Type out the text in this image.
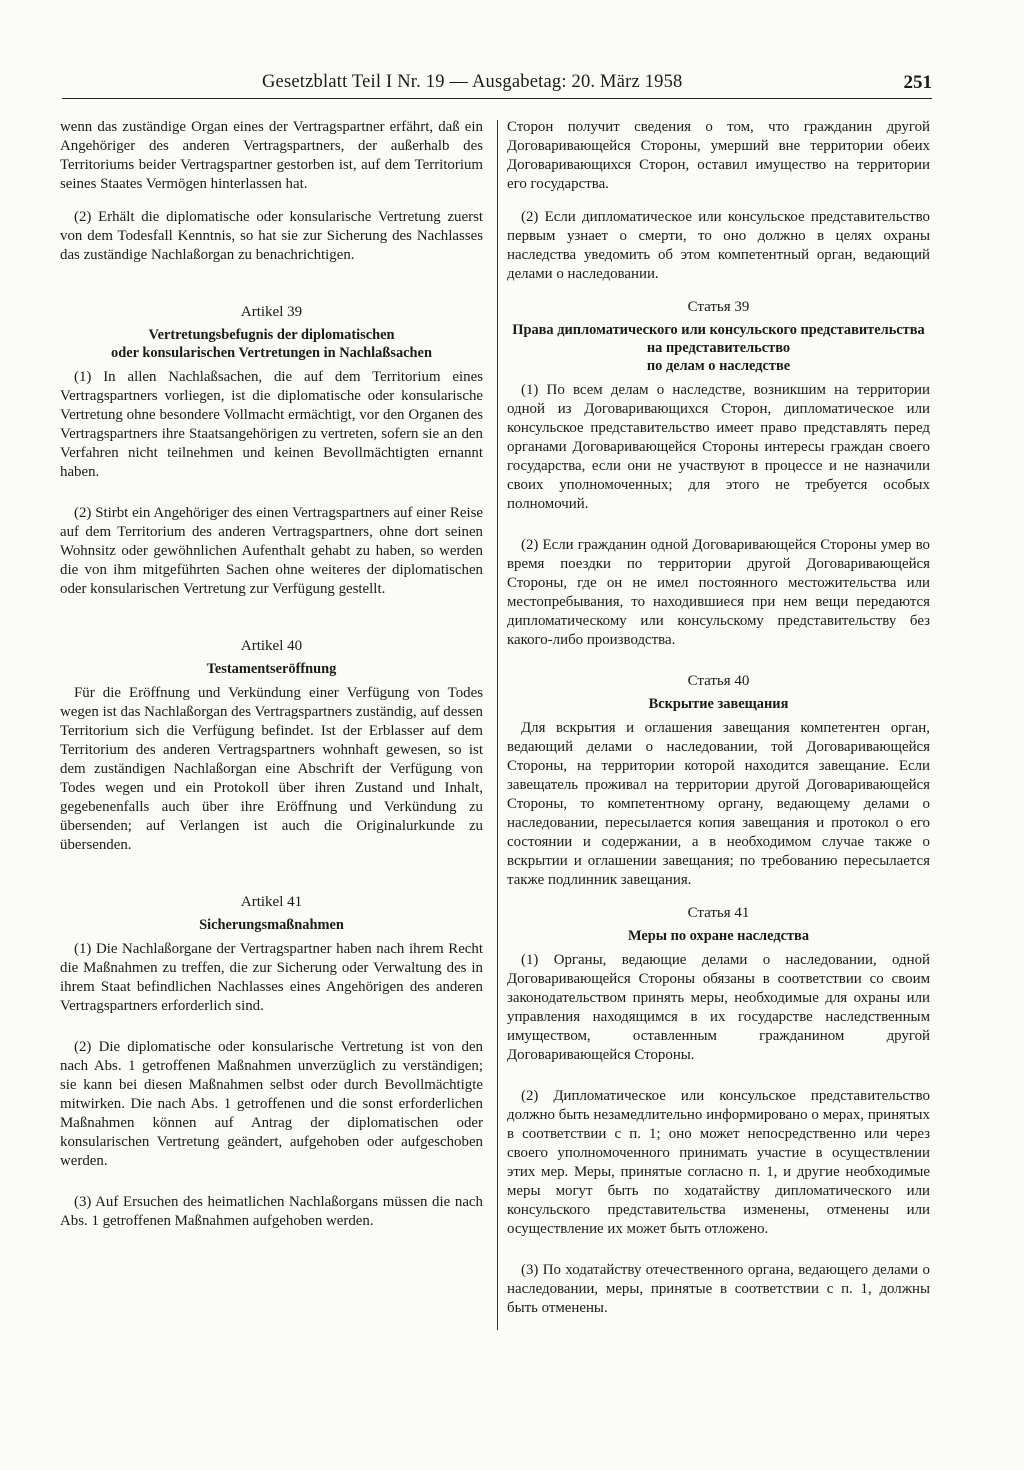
Gesetzblatt Teil I Nr. 19 — Ausgabetag: 20. März 1958	251

wenn das zuständige Organ eines der Vertragspartner erfährt, daß ein Angehöriger des anderen Vertragspartners, der außerhalb des Territoriums beider Vertragspartner gestorben ist, auf dem Territorium seines Staates Vermögen hinterlassen hat.

(2) Erhält die diplomatische oder konsularische Vertretung zuerst von dem Todesfall Kenntnis, so hat sie zur Sicherung des Nachlasses das zuständige Nachlaßorgan zu benachrichtigen.

Artikel 39

Vertretungsbefugnis der diplomatischen
oder konsularischen Vertretungen in Nachlaßsachen

(1) In allen Nachlaßsachen, die auf dem Territorium eines Vertragspartners vorliegen, ist die diplomatische oder konsularische Vertretung ohne besondere Vollmacht ermächtigt, vor den Organen des Vertragspartners ihre Staatsangehörigen zu vertreten, sofern sie an den Verfahren nicht teilnehmen und keinen Bevollmächtigten ernannt haben.

(2) Stirbt ein Angehöriger des einen Vertragspartners auf einer Reise auf dem Territorium des anderen Vertragspartners, ohne dort seinen Wohnsitz oder gewöhnlichen Aufenthalt gehabt zu haben, so werden die von ihm mitgeführten Sachen ohne weiteres der diplomatischen oder konsularischen Vertretung zur Verfügung gestellt.

Artikel 40

Testamentseröffnung

Für die Eröffnung und Verkündung einer Verfügung von Todes wegen ist das Nachlaßorgan des Vertragspartners zuständig, auf dessen Territorium sich die Verfügung befindet. Ist der Erblasser auf dem Territorium des anderen Vertragspartners wohnhaft gewesen, so ist dem zuständigen Nachlaßorgan eine Abschrift der Verfügung von Todes wegen und ein Protokoll über ihren Zustand und Inhalt, gegebenenfalls auch über ihre Eröffnung und Verkündung zu übersenden; auf Verlangen ist auch die Originalurkunde zu übersenden.

Artikel 41

Sicherungsmaßnahmen

(1) Die Nachlaßorgane der Vertragspartner haben nach ihrem Recht die Maßnahmen zu treffen, die zur Sicherung oder Verwaltung des in ihrem Staat befindlichen Nachlasses eines Angehörigen des anderen Vertragspartners erforderlich sind.

(2) Die diplomatische oder konsularische Vertretung ist von den nach Abs. 1 getroffenen Maßnahmen unverzüglich zu verständigen; sie kann bei diesen Maßnahmen selbst oder durch Bevollmächtigte mitwirken. Die nach Abs. 1 getroffenen und die sonst erforderlichen Maßnahmen können auf Antrag der diplomatischen oder konsularischen Vertretung geändert, aufgehoben oder aufgeschoben werden.

(3) Auf Ersuchen des heimatlichen Nachlaßorgans müssen die nach Abs. 1 getroffenen Maßnahmen aufgehoben werden.

Сторон получит сведения о том, что гражданин другой Договаривающейся Стороны, умерший вне территории обеих Договаривающихся Сторон, оставил имущество на территории его государства.

(2) Если дипломатическое или консульское представительство первым узнает о смерти, то оно должно в целях охраны наследства уведомить об этом компетентный орган, ведающий делами о наследовании.

Статья 39

Права дипломатического или консульского представительства на представительство
по делам о наследстве

(1) По всем делам о наследстве, возникшим на территории одной из Договаривающихся Сторон, дипломатическое или консульское представительство имеет право представлять перед органами Договаривающейся Стороны интересы граждан своего государства, если они не участвуют в процессе и не назначили своих уполномоченных; для этого не требуется особых полномочий.

(2) Если гражданин одной Договаривающейся Стороны умер во время поездки по территории другой Договаривающейся Стороны, где он не имел постоянного местожительства или местопребывания, то находившиеся при нем вещи передаются дипломатическому или консульскому представительству без какого-либо производства.

Статья 40

Вскрытие завещания

Для вскрытия и оглашения завещания компетентен орган, ведающий делами о наследовании, той Договаривающейся Стороны, на территории которой находится завещание. Если завещатель проживал на территории другой Договаривающейся Стороны, то компетентному органу, ведающему делами о наследовании, пересылается копия завещания и протокол о его состоянии и содержании, а в необходимом случае также о вскрытии и оглашении завещания; по требованию пересылается также подлинник завещания.

Статья 41

Меры по охране наследства

(1) Органы, ведающие делами о наследовании, одной Договаривающейся Стороны обязаны в соответствии со своим законодательством принять меры, необходимые для охраны или управления находящимся в их государстве наследственным имуществом, оставленным гражданином другой Договаривающейся Стороны.

(2) Дипломатическое или консульское представительство должно быть незамедлительно информировано о мерах, принятых в соответствии с п. 1; оно может непосредственно или через своего уполномоченного принимать участие в осуществлении этих мер. Меры, принятые согласно п. 1, и другие необходимые меры могут быть по ходатайству дипломатического или консульского представительства изменены, отменены или осуществление их может быть отложено.

(3) По ходатайству отечественного органа, ведающего делами о наследовании, меры, принятые в соответствии с п. 1, должны быть отменены.
